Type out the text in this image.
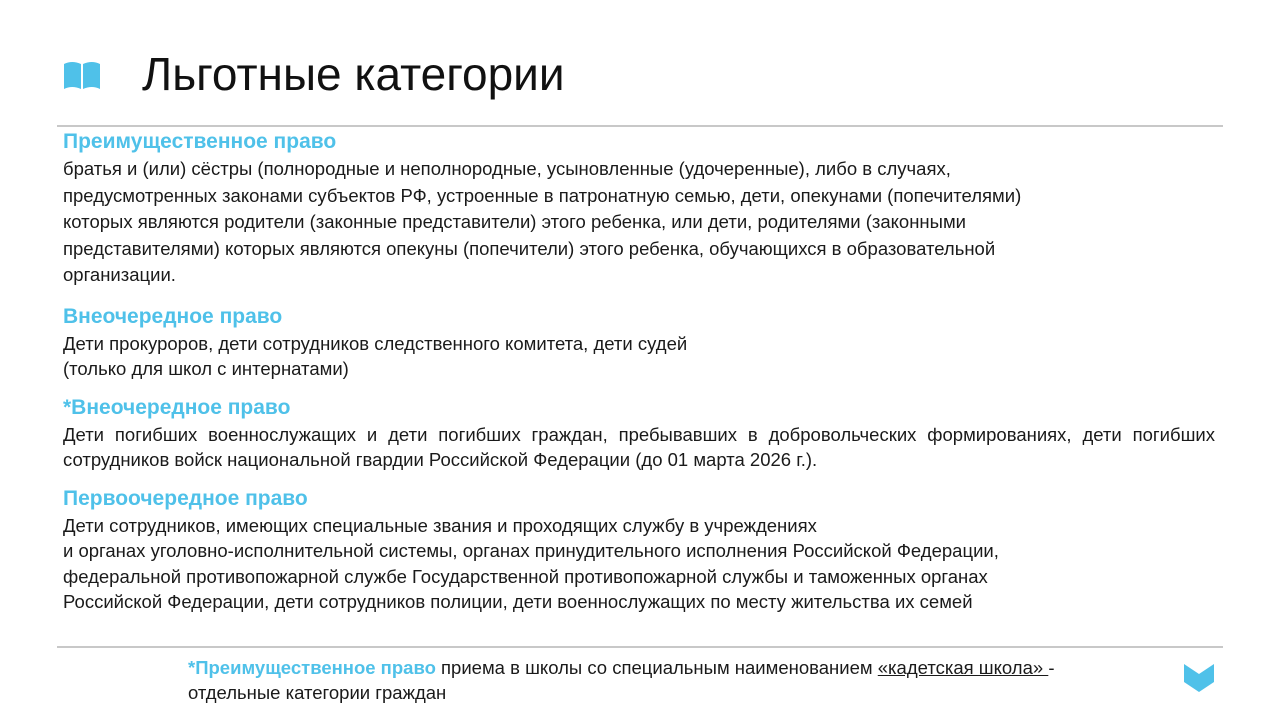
Льготные категории
Преимущественное право

братья и (или) сёстры (полнородные и неполнородные, усыновленные (удочеренные), либо в случаях,
предусмотренных законами субъектов РФ, устроенные в патронатную семью, дети, опекунами (попечителями)
которых являются родители (законные представители) этого ребенка, или дети, родителями (законными
представителями) которых являются опекуны (попечители) этого ребенка, обучающихся в образовательной
организации.

Внеочередное право

Дети прокуроров, дети сотрудников следственного комитета, дети судей
(только для школ с интернатами)

*Внеочередное право

Дети погибших военнослужащих и дети погибших граждан, пребывавших в добровольческих формированиях, дети погибших сотрудников войск национальной гвардии Российской Федерации (до 01 марта 2026 г.).

Первоочередное право

Дети сотрудников, имеющих специальные звания и проходящих службу в учреждениях
и органах уголовно-исполнительной системы, органах принудительного исполнения Российской Федерации,
федеральной противопожарной службе Государственной противопожарной службы и таможенных органах
Российской Федерации, дети сотрудников полиции, дети военнослужащих по месту жительства их семей

*Преимущественное право приема в школы со специальным наименованием «кадетская школа» - отдельные категории граждан
